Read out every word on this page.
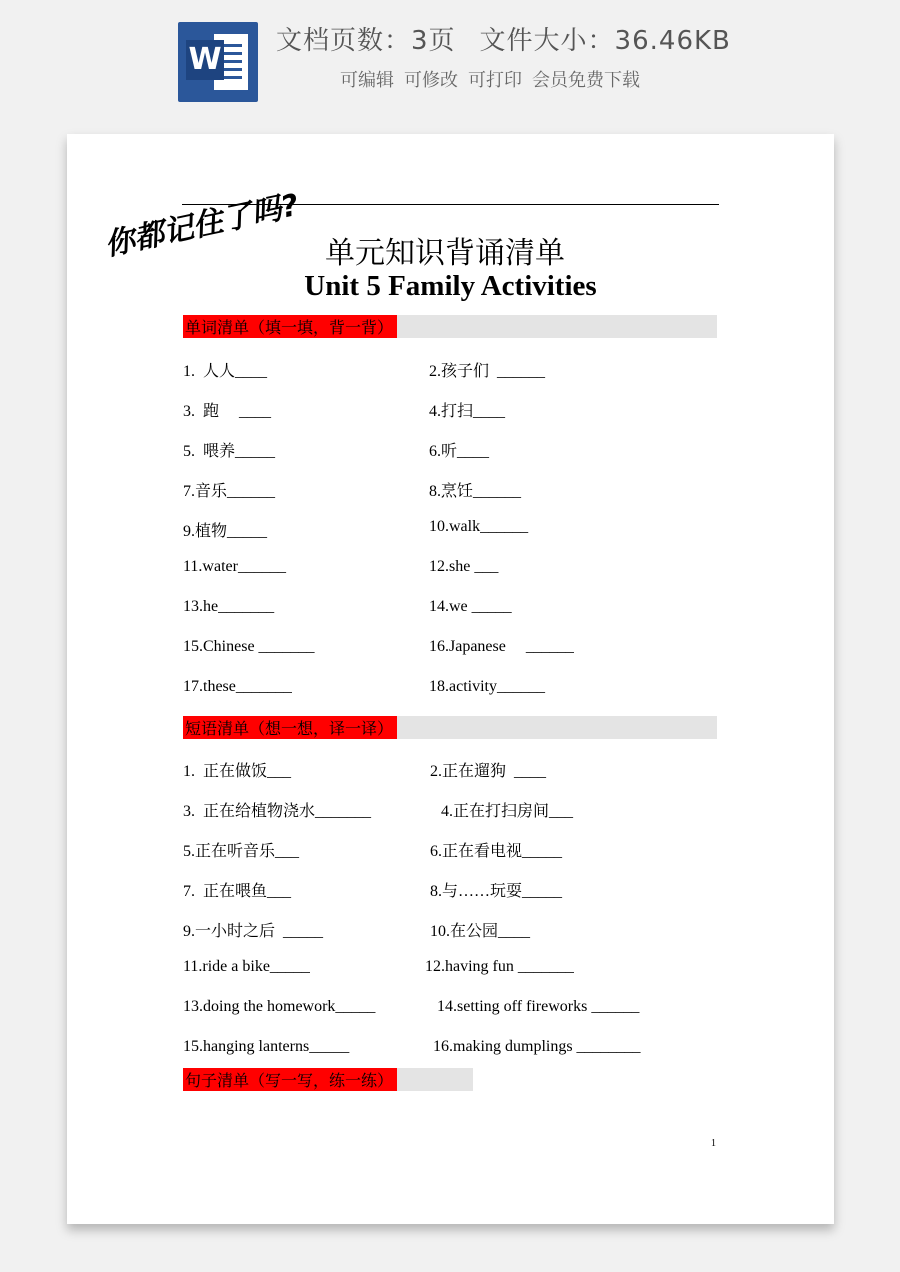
W
文档页数：3页 文件大小：36.46KB
可编辑 可修改 可打印 会员免费下载
你都记住了吗? 单元知识背诵清单
Unit 5 Family Activities
单词清单（填一填，背一背）
1.  人人____	2.孩子们  ______
3.  跑     ____	4.打扫____
5.  喂养_____	6.听____
7.音乐______	8.烹饪______
9.植物_____	10.walk______
11.water______	12.she ___
13.he_______	14.we _____
15.Chinese _______	16.Japanese     ______
17.these_______	18.activity______
短语清单（想一想，译一译）
1.  正在做饭___	2.正在遛狗  ____
3.  正在给植物浇水_______	4.正在打扫房间___
5.正在听音乐___	6.正在看电视_____
7.  正在喂鱼___	8.与……玩耍_____
9.一小时之后  _____	10.在公园____
11.ride a bike_____	12.having fun _______
13.doing the homework_____	14.setting off fireworks ______
15.hanging lanterns_____	16.making dumplings ________
句子清单（写一写，练一练）
1
